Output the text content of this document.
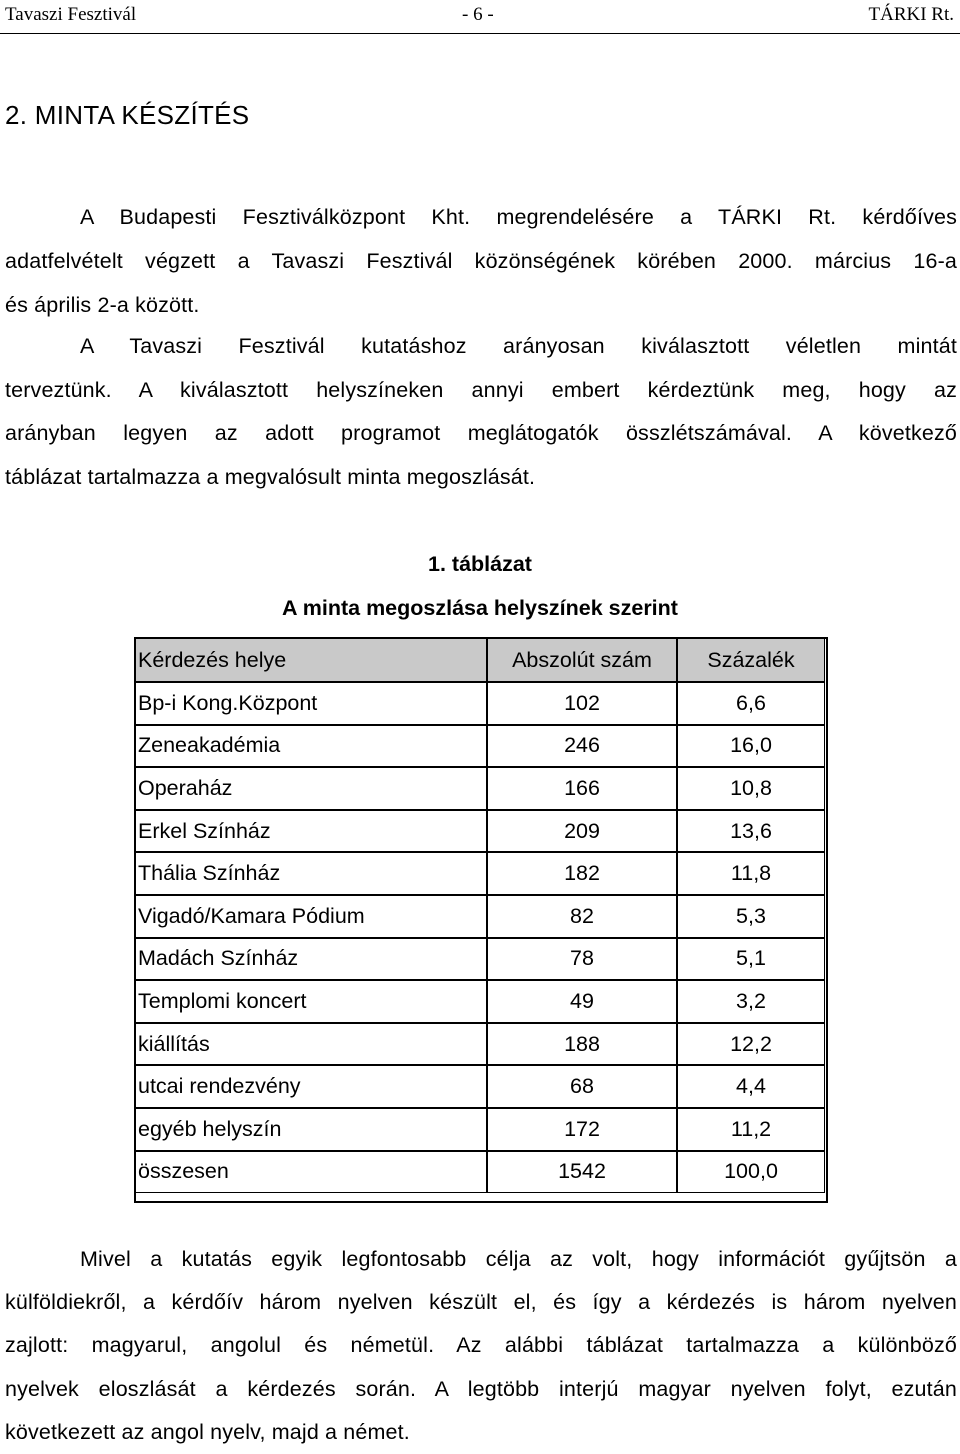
Tavaszi Fesztivál	- 6 -	TÁRKI Rt.
2. MINTA KÉSZÍTÉS
A Budapesti Fesztiválközpont Kht. megrendelésére a TÁRKI Rt. kérdőíves
adatfelvételt végzett a Tavaszi Fesztivál közönségének körében 2000. március 16-a
és április 2-a között.
A Tavaszi Fesztivál kutatáshoz arányosan kiválasztott véletlen mintát
terveztünk. A kiválasztott helyszíneken annyi embert kérdeztünk meg, hogy az
arányban legyen az adott programot meglátogatók összlétszámával. A következő
táblázat tartalmazza a megvalósult minta megoszlását.
1. táblázat
A minta megoszlása helyszínek szerint
Kérdezés helye	Abszolút szám	Százalék
Bp-i Kong.Központ	102	6,6
Zeneakadémia	246	16,0
Operaház	166	10,8
Erkel Színház	209	13,6
Thália Színház	182	11,8
Vigadó/Kamara Pódium	82	5,3
Madách Színház	78	5,1
Templomi koncert	49	3,2
kiállítás	188	12,2
utcai rendezvény	68	4,4
egyéb helyszín	172	11,2
összesen	1542	100,0
Mivel a kutatás egyik legfontosabb célja az volt, hogy információt gyűjtsön a
külföldiekről, a kérdőív három nyelven készült el, és így a kérdezés is három nyelven
zajlott: magyarul, angolul és németül. Az alábbi táblázat tartalmazza a különböző
nyelvek eloszlását a kérdezés során. A legtöbb interjú magyar nyelven folyt, ezután
következett az angol nyelv, majd a német.
